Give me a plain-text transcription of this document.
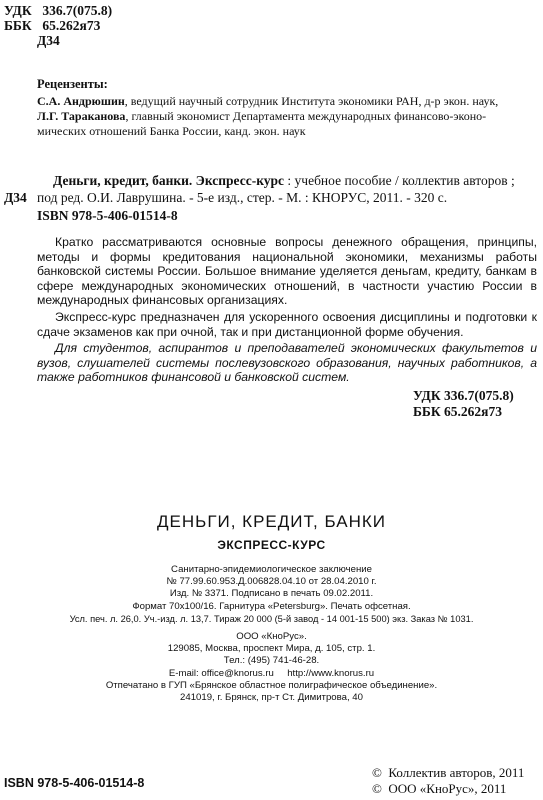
УДК 336.7(075.8)
ББК 65.262я73
Д34
Рецензенты:
С.А. Андрюшин, ведущий научный сотрудник Института экономики РАН, д-р экон. наук,
Л.Г. Тараканова, главный экономист Департамента международных финансово-эконо-
мических отношений Банка России, канд. экон. наук
Д34
Деньги, кредит, банки. Экспресс-курс : учебное пособие / коллектив авторов ;
под ред. О.И. Лаврушина. - 5-е изд., стер. - М. : КНОРУС, 2011. - 320 с.
ISBN 978-5-406-01514-8

Кратко рассматриваются основные вопросы денежного обращения, принципы, методы и формы кредитования национальной экономики, механизмы работы банковской системы России. Большое внимание уделяется деньгам, кредиту, банкам в сфере международных экономических отношений, в частности участию России в международных финансовых организациях.

Экспресс-курс предназначен для ускоренного освоения дисциплины и подготовки к сдаче экзаменов как при очной, так и при дистанционной форме обучения.

Для студентов, аспирантов и преподавателей экономических факультетов и вузов, слушателей системы послевузовского образования, научных работников, а также работников финансовой и банковской систем.

УДК 336.7(075.8)
ББК 65.262я73
ДЕНЬГИ, КРЕДИТ, БАНКИ
ЭКСПРЕСС-КУРС
Санитарно-эпидемиологическое заключение
№ 77.99.60.953.Д.006828.04.10 от 28.04.2010 г.
Изд. № 3371. Подписано в печать 09.02.2011.
Формат 70х100/16. Гарнитура «Petersburg». Печать офсетная.
Усл. печ. л. 26,0. Уч.-изд. л. 13,7. Тираж 20 000 (5-й завод - 14 001-15 500) экз. Заказ № 1031.
ООО «КноРус».
129085, Москва, проспект Мира, д. 105, стр. 1.
Тел.: (495) 741-46-28.
E-mail: office@knorus.ru     http://www.knorus.ru
Отпечатано в ГУП «Брянское областное полиграфическое объединение».
241019, г. Брянск, пр-т Ст. Димитрова, 40
ISBN 978-5-406-01514-8
©  Коллектив авторов, 2011
©  ООО «КноРус», 2011
